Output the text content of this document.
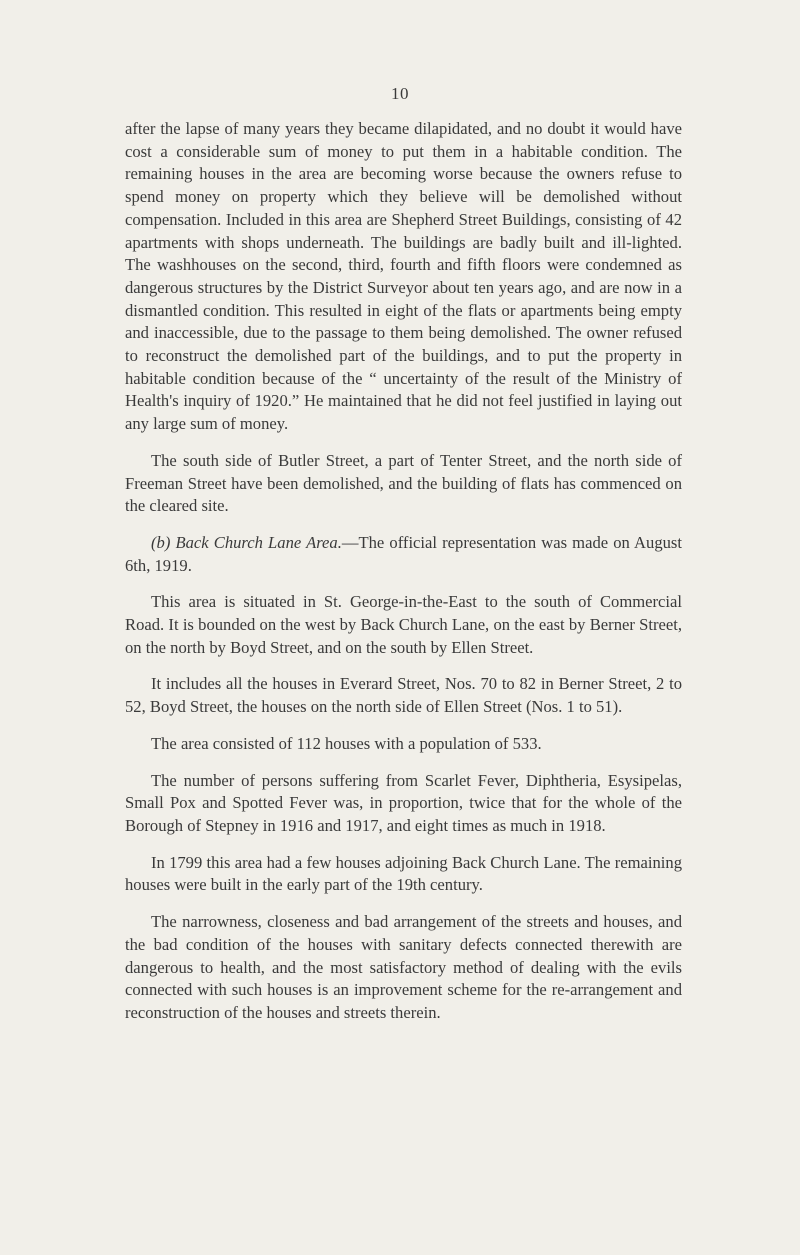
10

after the lapse of many years they became dilapidated, and no doubt it would have cost a considerable sum of money to put them in a habitable condition. The remaining houses in the area are becoming worse because the owners refuse to spend money on property which they believe will be demolished without compensation. Included in this area are Shepherd Street Buildings, consisting of 42 apartments with shops underneath. The buildings are badly built and ill-lighted. The washhouses on the second, third, fourth and fifth floors were condemned as dangerous structures by the District Surveyor about ten years ago, and are now in a dismantled condition. This resulted in eight of the flats or apartments being empty and inaccessible, due to the passage to them being demolished. The owner refused to reconstruct the demolished part of the buildings, and to put the property in habitable condition because of the “ uncertainty of the result of the Ministry of Health's inquiry of 1920.” He maintained that he did not feel justified in laying out any large sum of money.

The south side of Butler Street, a part of Tenter Street, and the north side of Freeman Street have been demolished, and the building of flats has commenced on the cleared site.

(b) Back Church Lane Area.—The official representation was made on August 6th, 1919.

This area is situated in St. George-in-the-East to the south of Commercial Road. It is bounded on the west by Back Church Lane, on the east by Berner Street, on the north by Boyd Street, and on the south by Ellen Street.

It includes all the houses in Everard Street, Nos. 70 to 82 in Berner Street, 2 to 52, Boyd Street, the houses on the north side of Ellen Street (Nos. 1 to 51).

The area consisted of 112 houses with a population of 533.

The number of persons suffering from Scarlet Fever, Diphtheria, Esysipelas, Small Pox and Spotted Fever was, in proportion, twice that for the whole of the Borough of Stepney in 1916 and 1917, and eight times as much in 1918.

In 1799 this area had a few houses adjoining Back Church Lane. The remaining houses were built in the early part of the 19th century.

The narrowness, closeness and bad arrangement of the streets and houses, and the bad condition of the houses with sanitary defects connected therewith are dangerous to health, and the most satisfactory method of dealing with the evils connected with such houses is an improvement scheme for the re-arrangement and reconstruction of the houses and streets therein.
